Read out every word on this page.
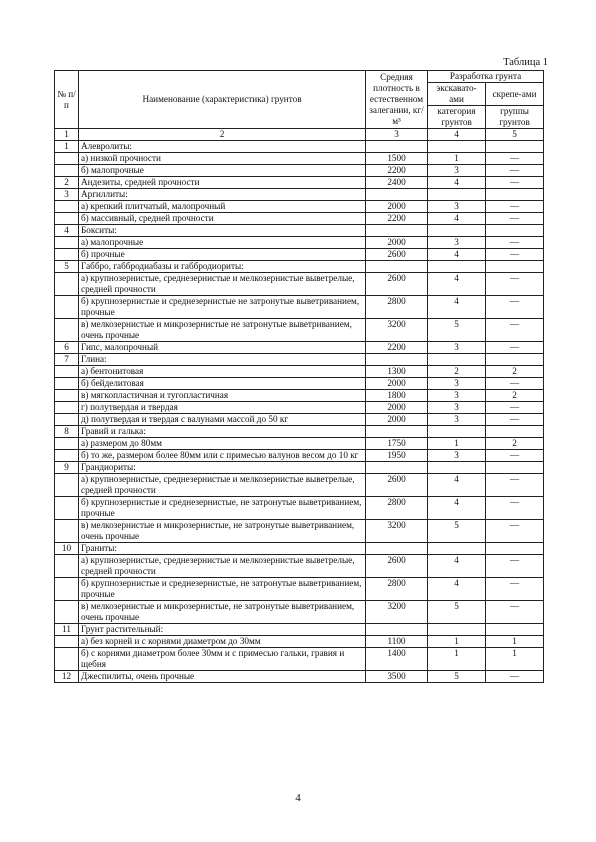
Таблица 1
№ п/п	Наименование (характеристика) грунтов	Средняя плотность в естественном залегании, кг/м³	Разработка грунта	
			экскавато-ами	скрепе-ами
			категория грунтов	группы грунтов
1	2	3	4	5
1	Алевролиты:			
	а) низкой прочности	1500	1	—
	б) малопрочные	2200	3	—
2	Андезиты, средней прочности	2400	4	—
3	Аргиллиты:			
	а) крепкий плитчатый, малопрочный	2000	3	—
	б) массивный, средней прочности	2200	4	—
4	Бокситы:			
	а) малопрочные	2000	3	—
	б) прочные	2600	4	—
5	Габбро, габбродиабазы и габбродиориты:			
	а) крупнозернистые, среднезернистые и мелкозернистые выветрелые, средней прочности	2600	4	—
	б) крупнозернистые и среднезернистые не затронутые выветриванием, прочные	2800	4	—
	в) мелкозернистые и микрозернистые не затронутые выветриванием, очень прочные	3200	5	—
6	Гипс, малопрочный	2200	3	—
7	Глина:			
	а) бентонитовая	1300	2	2
	б) бейделитовая	2000	3	—
	в) мягкопластичная и тугопластичная	1800	3	2
	г) полутвердая и твердая	2000	3	—
	д) полутвердая и твердая с валунами массой до 50 кг	2000	3	—
8	Гравий и галька:			
	а) размером до 80мм	1750	1	2
	б) то же, размером более 80мм или с примесью валунов весом до 10 кг	1950	3	—
9	Грандиориты:			
	а) крупнозернистые, среднезернистые и мелкозернистые выветрелые, средней прочности	2600	4	—
	б) крупнозернистые и среднезернистые, не затронутые выветриванием, прочные	2800	4	—
	в) мелкозернистые и микрозернистые, не затронутые выветриванием, очень прочные	3200	5	—
10	Граниты:			
	а) крупнозернистые, среднезернистые и мелкозернистые выветрелые, средней прочности	2600	4	—
	б) крупнозернистые и среднезернистые, не затронутые выветриванием, прочные	2800	4	—
	в) мелкозернистые и микрозернистые, не затронутые выветриванием, очень прочные	3200	5	—
11	Грунт растительный:			
	а) без корней и с корнями диаметром до 30мм	1100	1	1
	б) с корнями диаметром более 30мм и с примесью гальки, гравия и щебня	1400	1	1
12	Джеспилиты, очень прочные	3500	5	—
4
